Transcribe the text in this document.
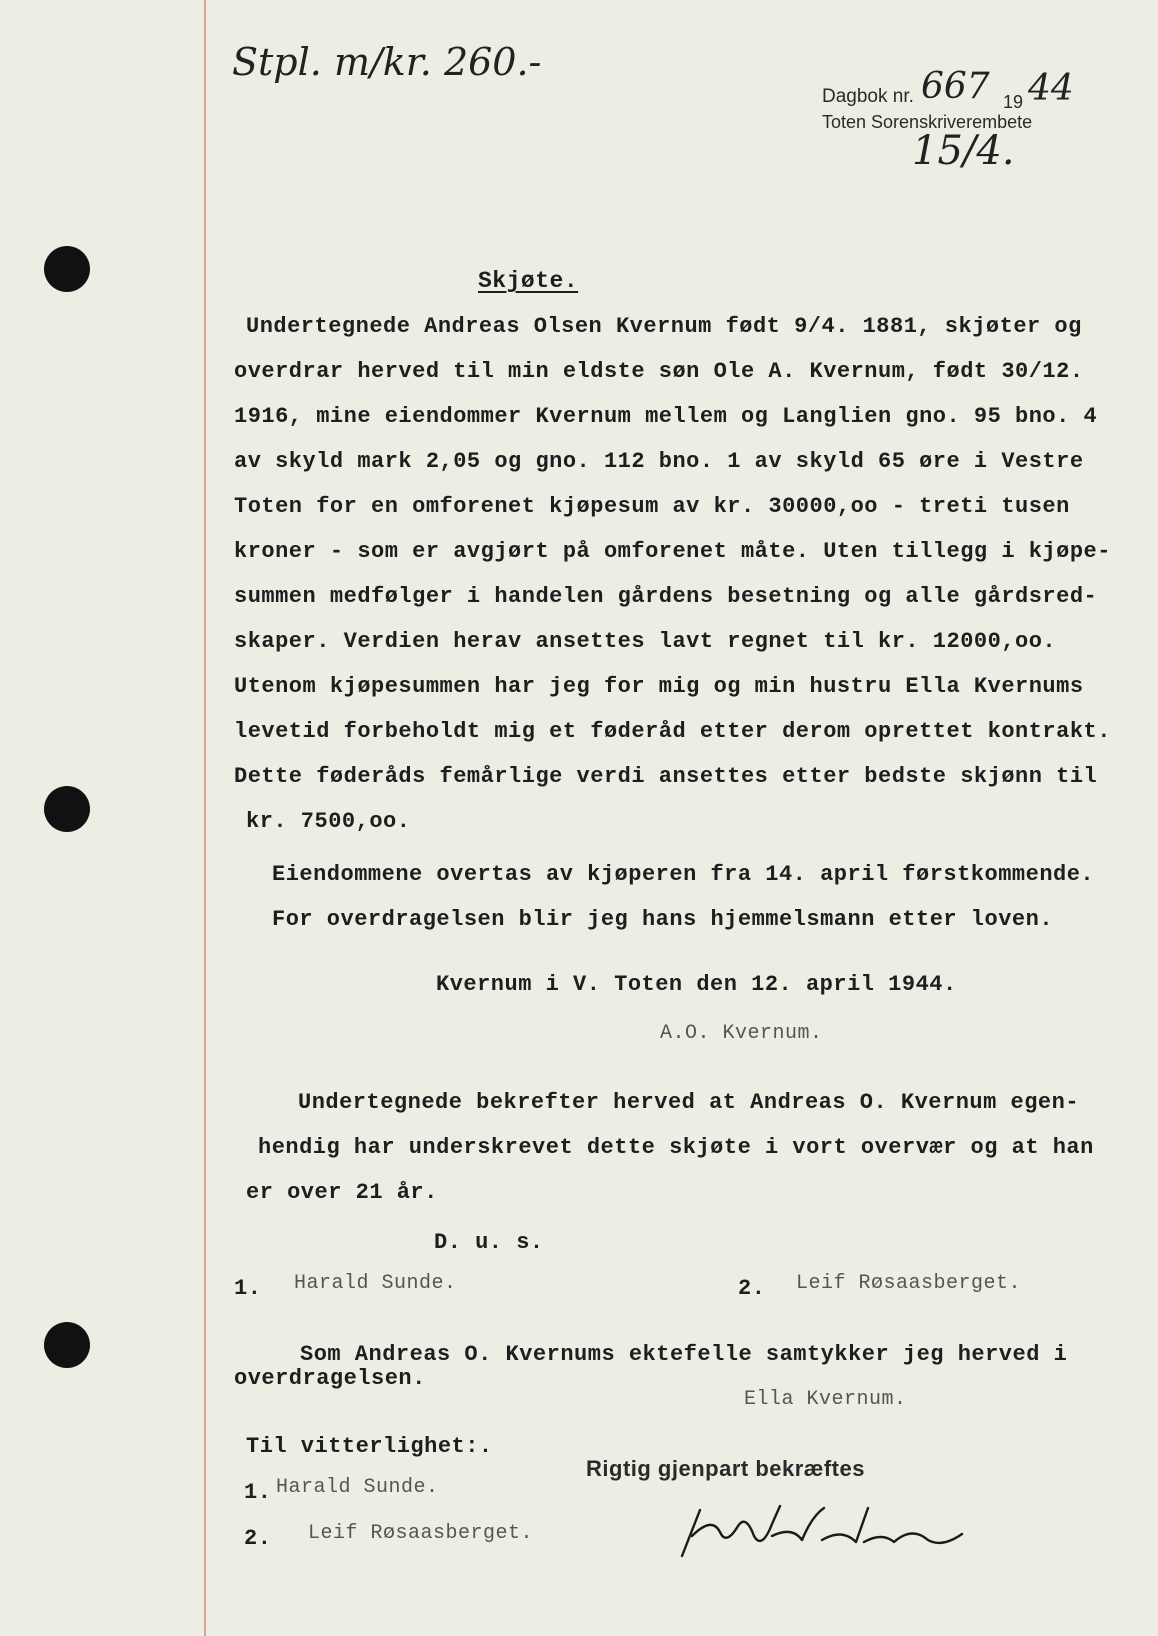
Stpl. m/kr. 260.-
Dagbok nr. 667 19 44
Toten Sorenskriverembete
15/4.
Skjøte.
Undertegnede Andreas Olsen Kvernum født 9/4. 1881, skjøter og
overdrar herved til min eldste søn Ole A. Kvernum, født 30/12.
1916, mine eiendommer Kvernum mellem og Langlien gno. 95 bno. 4
av skyld mark 2,05 og gno. 112 bno. 1 av skyld 65 øre i Vestre
Toten for en omforenet kjøpesum av kr. 30000,oo - treti tusen
kroner - som er avgjørt på omforenet måte. Uten tillegg i kjøpe-
summen medfølger i handelen gårdens besetning og alle gårdsred-
skaper. Verdien herav ansettes lavt regnet til kr. 12000,oo.
Utenom kjøpesummen har jeg for mig og min hustru Ella Kvernums
levetid forbeholdt mig et føderåd etter derom oprettet kontrakt.
Dette føderåds femårlige verdi ansettes etter bedste skjønn til
kr. 7500,oo.
Eiendommene overtas av kjøperen fra 14. april førstkommende.
For overdragelsen blir jeg hans hjemmelsmann etter loven.
Kvernum i V. Toten den 12. april 1944.
A.O. Kvernum.
Undertegnede bekrefter herved at Andreas O. Kvernum egen-
hendig har underskrevet dette skjøte i vort overvær og at han
er over 21 år.
D. u. s.
1. Harald Sunde.	2. Leif Røsaasberget.
Som Andreas O. Kvernums ektefelle samtykker jeg herved i
overdragelsen.
Ella Kvernum.
Til vitterlighet:.
1. Harald Sunde.
2. Leif Røsaasberget.
Rigtig gjenpart bekræftes
